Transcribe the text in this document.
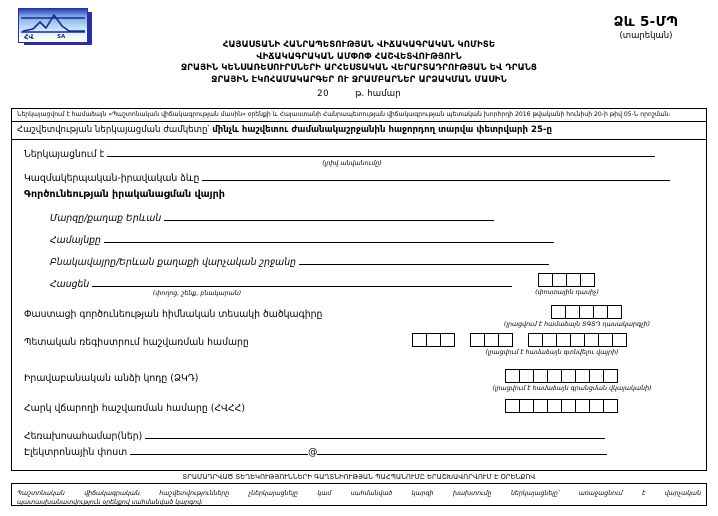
ՀՎ	SA
Ձև 5-ՄՊ
(տարեկան)
ՀԱՅԱՍՏԱՆԻ ՀԱՆՐԱՊԵՏՈՒԹՅԱՆ ՎԻՃԱԿԱԳՐԱԿԱՆ ԿՈՄԻՏԵ
ՎԻՃԱԿԱԳՐԱԿԱՆ ԱՄՓՈՓ ՀԱՇՎԵՏՎՈՒԹՅՈՒՆ
ՋՐԱՅԻՆ ԿԵՆՍԱՌԵՍՈՒՐՍՆԵՐԻ ԱՐՀԵՍՏԱԿԱՆ ՎԵՐԱՐՏԱԴՐՈՒԹՅԱՆ ԵՎ ԴՐԱՆՑ
ՋՐԱՅԻՆ ԷԿՈՀԱՄԱԿԱՐԳԵՐ ՈՒ ՋՐԱՄԲԱՐՆԵՐ ԱՐՁԱԿՄԱՆ ՄԱՍԻՆ
20	թ. համար
Ներկայացվում է համաձայն «Պաշտոնական վիճակագրության մասին» օրենքի և Հայաստանի Հանրապետության վիճակագրության պետական խորհրդի 2016 թվականի հունիսի 20-ի թիվ 05-Ն որոշման։
Հաշվետվության ներկայացման ժամկետը՝ մինչև հաշվետու ժամանակաշրջանին հաջորդող տարվա փետրվարի 25-ը
Ներկայացնում է
(լրիվ անվանումը)
Կազմակերպական-իրավական ձևը
Գործունեության իրականացման վայրի
Մարզը/քաղաք Երևան
Համայնքը
Բնակավայրը/Երևան քաղաքի վարչական շրջանը
Հասցեն
(փողոց, շենք, բնակարան)
	(փոստային դասիչ)
Փաստացի գործունեության հիմնական տեսակի ծածկագիրը

(լրացվում է համաձայն ՏԳՏԴ դասակարգչի)
Պետական ռեգիստրում հաշվառման համարը

(լրացվում է համաձայն գտնվելու վայրի)
Իրավաբանական անձի կոդը (ՁԿԴ)

(լրացվում է համաձայն գրանցման վկայականի)
Հարկ վճարողի հաշվառման համարը (ՀՎՀՀ)

Հեռախոսահամար(ներ)
Էլեկտրոնային փոստ	@
ՏՐԱՄԱԴՐՎԱԾ ՏԵՂԵԿՈՒԹՅՈՒՆՆԵՐԻ ԳԱՂՏՆԻՈՒԹՅԱՆ ՊԱՀՊԱՆՈՒՄԸ ԵՐԱՇԽԱՎՈՐՎՈՒՄ Է ՕՐԵՆՔՈՎ

Պաշտոնական վիճակագրական հաշվետվությունները չներկայացնելը կամ սահմանված կարգի խախտումը ներկայացնելը՝ առաջացնում է վարչական

պատասխանատվություն օրենքով սահմանված կարգով։
